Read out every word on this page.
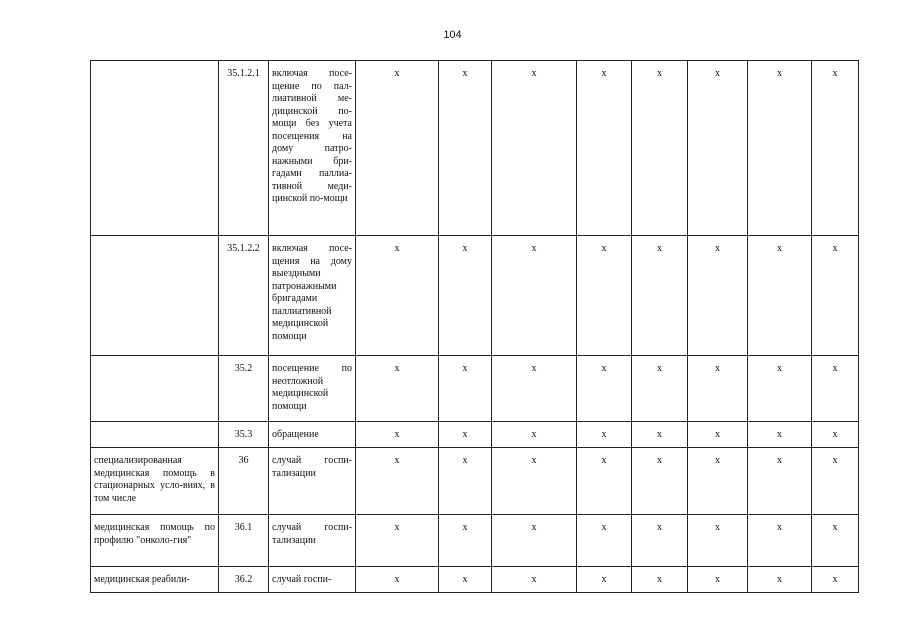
104
	35.1.2.1	включая посе-щение по пал-лиативной ме-дицинской по-мощи без учета посещения на дому патро-нажными бри-гадами паллиа-тивной меди-цинской по-мощи	х	х	х	х	х	х	х	х
	35.1.2.2	включая посе-щения на дому выездными патронажными бригадами паллиативной медицинской помощи	х	х	х	х	х	х	х	х
	35.2	посещение по неотложной медицинской помощи	х	х	х	х	х	х	х	х
	35.3	обращение	х	х	х	х	х	х	х	х
специализированная медицинская помощь в стационарных усло-виях, в том числе	36	случай госпи-тализации	х	х	х	х	х	х	х	х
медицинская помощь по профилю "онколо-гия"	36.1	случай госпи-тализации	х	х	х	х	х	х	х	х
медицинская реабили-	36.2	случай госпи-	х	х	х	х	х	х	х	х
